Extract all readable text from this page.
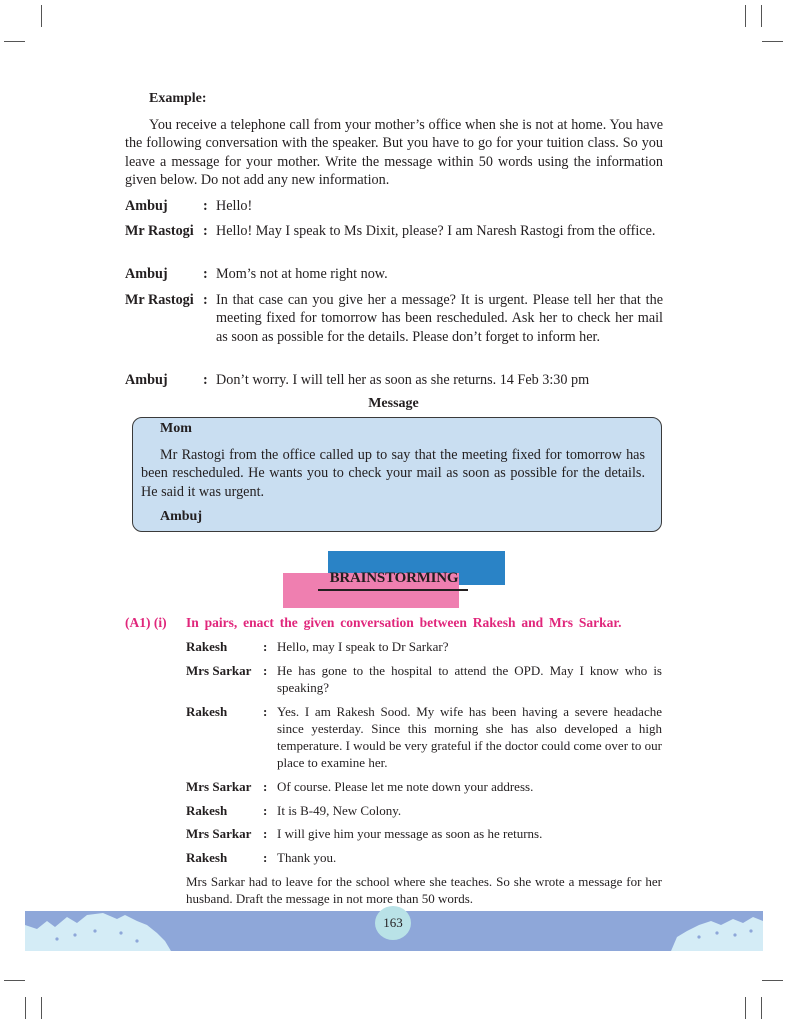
Example:

You receive a telephone call from your mother’s office when she is not at home. You have the following conversation with the speaker. But you have to go for your tuition class. So you leave a message for your mother. Write the message within 50 words using the information given below. Do not add any new information.

Ambuj	: Hello!
Mr Rastogi : Hello! May I speak to Ms Dixit, please? I am Naresh Rastogi from the office.
Ambuj	: Mom’s not at home right now.
Mr Rastogi : In that case can you give her a message? It is urgent. Please tell her that the meeting fixed for tomorrow has been rescheduled. Ask her to check her mail as soon as possible for the details. Please don’t forget to inform her.
Ambuj	: Don’t worry. I will tell her as soon as she returns. 14 Feb 3:30 pm
Message
Mom

Mr Rastogi from the office called up to say that the meeting fixed for tomorrow has been rescheduled. He wants you to check your mail as soon as possible for the details. He said it was urgent.

Ambuj
BRAINSTORMING
(A1) (i) In pairs, enact the given conversation between Rakesh and Mrs Sarkar.
Rakesh	: Hello, may I speak to Dr Sarkar?
Mrs Sarkar : He has gone to the hospital to attend the OPD. May I know who is speaking?
Rakesh	: Yes. I am Rakesh Sood. My wife has been having a severe headache since yesterday. Since this morning she has also developed a high temperature. I would be very grateful if the doctor could come over to our place to examine her.
Mrs Sarkar : Of course. Please let me note down your address.
Rakesh	: It is B-49, New Colony.
Mrs Sarkar : I will give him your message as soon as he returns.
Rakesh	: Thank you.
Mrs Sarkar had to leave for the school where she teaches. So she wrote a message for her husband. Draft the message in not more than 50 words.
163
